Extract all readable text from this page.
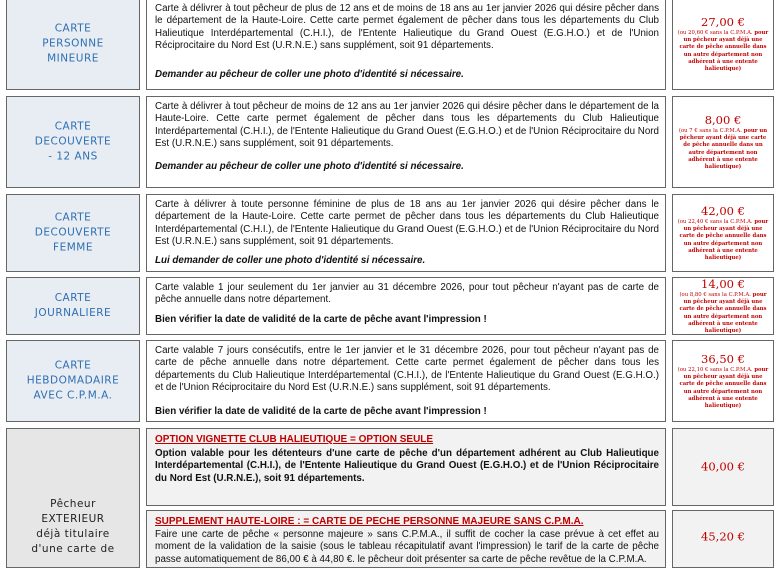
CARTE
PERSONNE
MINEURE
Carte à délivrer à tout pêcheur de plus de 12 ans et de moins de 18 ans au 1er janvier 2026 qui désire pêcher dans le département de la Haute-Loire. Cette carte permet également de pêcher dans tous les départements du Club Halieutique Interdépartemental (C.H.I.), de l'Entente Halieutique du Grand Ouest (E.G.H.O.) et de l'Union Réciprocitaire du Nord Est (U.R.N.E.) sans supplément, soit 91 départements.
Demander au pêcheur de coller une photo d'identité si nécessaire.
27,00 €
(ou 20,60 € sans la C.P.M.A. pour un pêcheur ayant déjà une carte de pêche annuelle dans un autre département non adhérent à une entente halieutique)
CARTE
DECOUVERTE
- 12 ANS
Carte à délivrer à tout pêcheur de moins de 12 ans au 1er janvier 2026 qui désire pêcher dans le département de la Haute-Loire. Cette carte permet également de pêcher dans tous les départements du Club Halieutique Interdépartemental (C.H.I.), de l'Entente Halieutique du Grand Ouest (E.G.H.O.) et de l'Union Réciprocitaire du Nord Est (U.R.N.E.) sans supplément, soit 91 départements.
Demander au pêcheur de coller une photo d'identité si nécessaire.
8,00 €
(ou 7 € sans la C.P.M.A. pour un pêcheur ayant déjà une carte de pêche annuelle dans un autre département non adhérent à une entente halieutique)
CARTE
DECOUVERTE
FEMME
Carte à délivrer à toute personne féminine de plus de 18 ans au 1er janvier 2026 qui désire pêcher dans le département de la Haute-Loire. Cette carte permet de pêcher dans tous les départements du Club Halieutique Interdépartemental (C.H.I.), de l'Entente Halieutique du Grand Ouest (E.G.H.O.) et de l'Union Réciprocitaire du Nord Est (U.R.N.E.) sans supplément, soit 91 départements.
Lui demander de coller une photo d'identité si nécessaire.
42,00 €
(ou 22,40 € sans la C.P.M.A. pour un pêcheur ayant déjà une carte de pêche annuelle dans un autre département non adhérent à une entente halieutique)
CARTE
JOURNALIERE
Carte valable 1 jour seulement du 1er janvier au 31 décembre 2026, pour tout pêcheur n'ayant pas de carte de pêche annuelle dans notre département.
Bien vérifier la date de validité de la carte de pêche avant l'impression !
14,00 €
(ou 8,80 € sans la C.P.M.A. pour un pêcheur ayant déjà une carte de pêche annuelle dans un autre département non adhérent à une entente halieutique)
CARTE
HEBDOMADAIRE
AVEC C.P.M.A.
Carte valable 7 jours consécutifs, entre le 1er janvier et le 31 décembre 2026, pour tout pêcheur n'ayant pas de carte de pêche annuelle dans notre département. Cette carte permet également de pêcher dans tous les départements du Club Halieutique Interdépartemental (C.H.I.), de l'Entente Halieutique du Grand Ouest (E.G.H.O.) et de l'Union Réciprocitaire du Nord Est (U.R.N.E.) sans supplément, soit 91 départements.
Bien vérifier la date de validité de la carte de pêche avant l'impression !
36,50 €
(ou 22,10 € sans la C.P.M.A. pour un pêcheur ayant déjà une carte de pêche annuelle dans un autre département non adhérent à une entente halieutique)
Pêcheur
EXTERIEUR
déjà titulaire
d'une carte de
OPTION VIGNETTE CLUB HALIEUTIQUE = OPTION SEULE
Option valable pour les détenteurs d'une carte de pêche d'un département adhérent au Club Halieutique Interdépartemental (C.H.I.), de l'Entente Halieutique du Grand Ouest (E.G.H.O.) et de l'Union Réciprocitaire du Nord Est (U.R.N.E.), soit 91 départements.
40,00 €
SUPPLEMENT HAUTE-LOIRE : = CARTE DE PECHE PERSONNE MAJEURE SANS C.P.M.A.
Faire une carte de pêche « personne majeure » sans C.P.M.A., il suffit de cocher la case prévue à cet effet au moment de la validation de la saisie (sous le tableau récapitulatif avant l'impression) le tarif de la carte de pêche passe automatiquement de 86,00 € à 44,80 €. le pêcheur doit présenter sa carte de pêche revêtue de la C.P.M.A.
45,20 €
